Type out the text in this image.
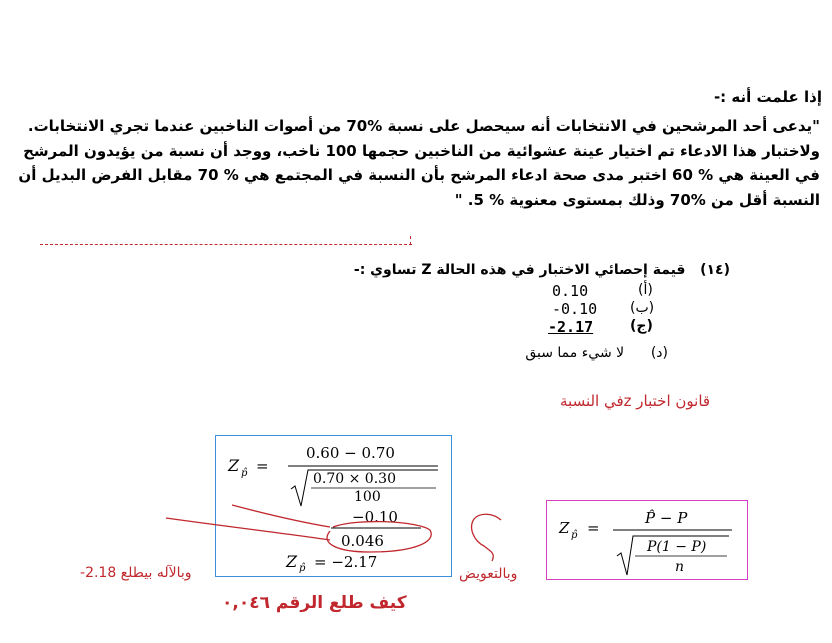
إذا علمت أنه :-
"يدعى أحد المرشحين في الانتخابات أنه سيحصل على نسبة %70 من أصوات الناخبين عندما تجري الانتخابات. ولاختبار هذا الادعاء تم اختيار عينة عشوائية من الناخبين حجمها 100 ناخب، ووجد أن نسبة من يؤيدون المرشح في العينة هي % 60 اختبر مدى صحة ادعاء المرشح بأن النسبة في المجتمع هي % 70 مقابل الفرض البديل أن النسبة أقل من %70 وذلك بمستوى معنوية % 5. "
(١٤)   قيمة إحصائي الاختبار في هذه الحالة Z تساوي :-
0.10	(أ)
-0.10 (ب)
-2.17	(ج)
(د)      لا شيء مما سبق
قانون اختبار zفي النسبة
Z p̂ =
0.60 − 0.70
0.70 × 0.30
100
−0.10
0.046
Z p̂ = −2.17
Z p̂ =
P̂ − P
P(1 − P)
n
وبالتعويض
وبالآله بيطلع 2.18-
كيف طلع الرقم ٠,٠٤٦
